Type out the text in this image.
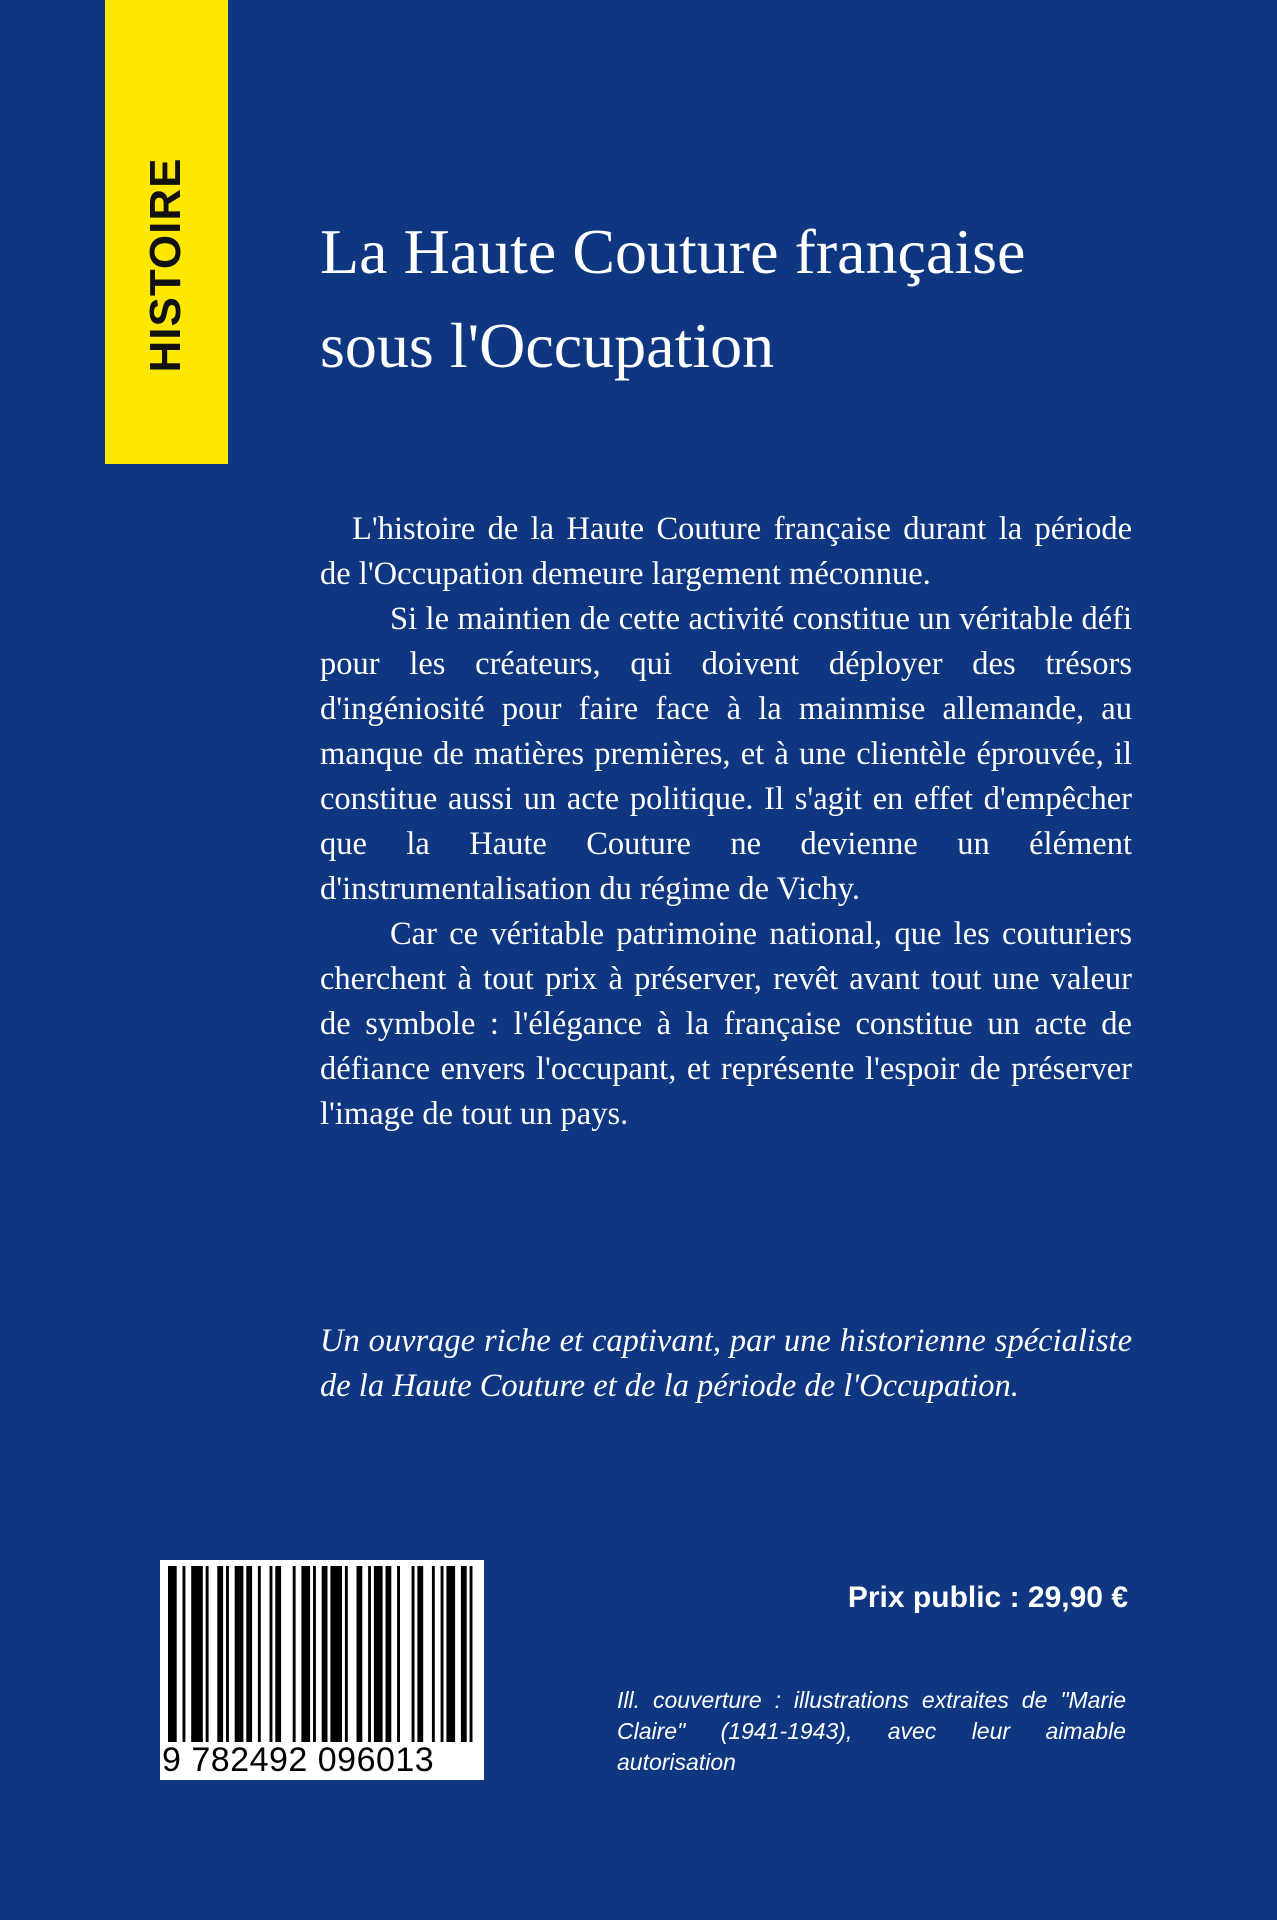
HISTOIRE La Haute Couture française
sous l'Occupation

L'histoire de la Haute Couture française durant la période de l'Occupation demeure largement méconnue.

Si le maintien de cette activité constitue un véritable défi pour les créateurs, qui doivent déployer des trésors d'ingéniosité pour faire face à la mainmise allemande, au manque de matières premières, et à une clientèle éprouvée, il constitue aussi un acte politique. Il s'agit en effet d'empêcher que la Haute Couture ne devienne un élément d'instrumentalisation du régime de Vichy.

Car ce véritable patrimoine national, que les couturiers cherchent à tout prix à préserver, revêt avant tout une valeur de symbole : l'élégance à la française constitue un acte de défiance envers l'occupant, et représente l'espoir de préserver l'image de tout un pays.

Un ouvrage riche et captivant, par une historienne spécialiste de la Haute Couture et de la période de l'Occupation.

9 782492 096013
Prix public : 29,90 €

Ill. couverture : illustrations extraites de "Marie Claire" (1941-1943), avec leur aimable autorisation
